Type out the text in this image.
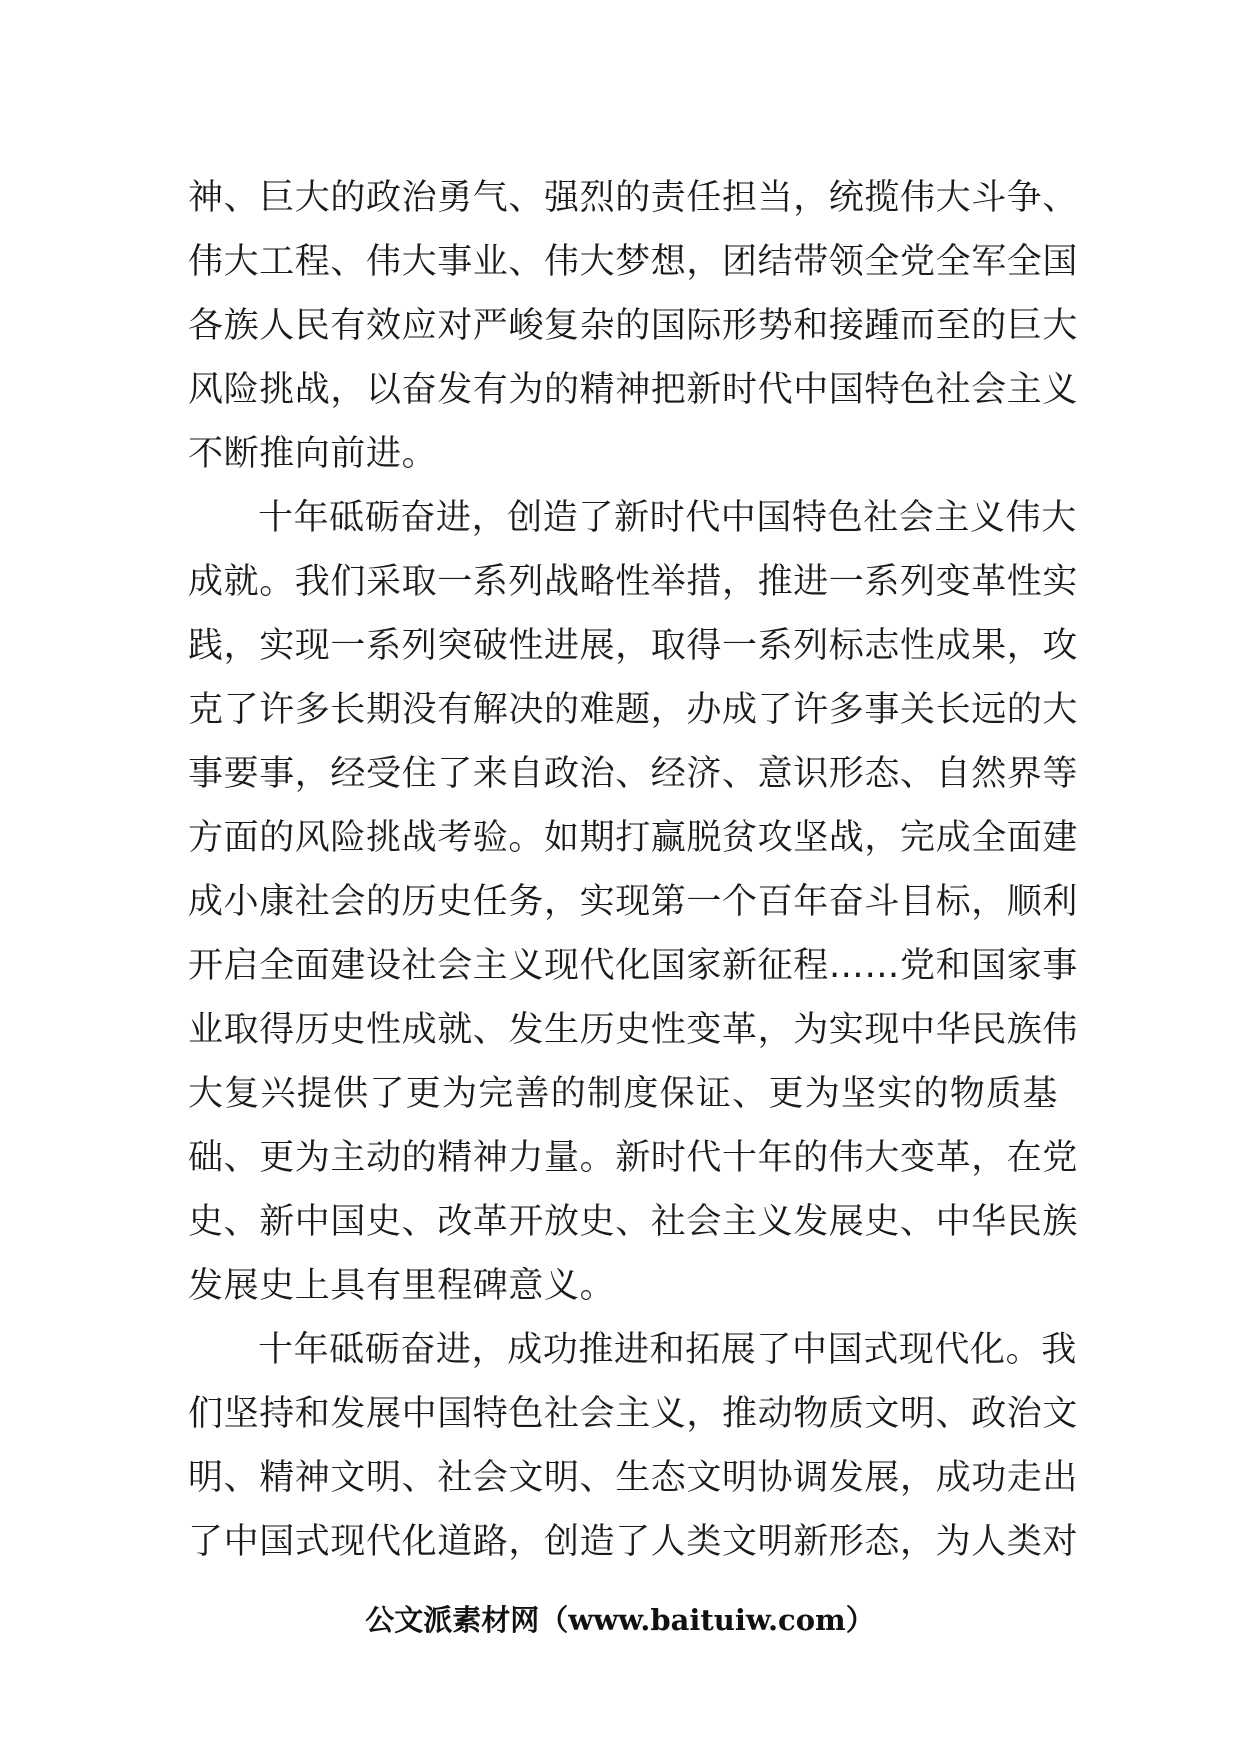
神、巨大的政治勇气、强烈的责任担当，统揽伟大斗争、
伟大工程、伟大事业、伟大梦想，团结带领全党全军全国
各族人民有效应对严峻复杂的国际形势和接踵而至的巨大
风险挑战，以奋发有为的精神把新时代中国特色社会主义
不断推向前进。
十年砥砺奋进，创造了新时代中国特色社会主义伟大
成就。我们采取一系列战略性举措，推进一系列变革性实
践，实现一系列突破性进展，取得一系列标志性成果，攻
克了许多长期没有解决的难题，办成了许多事关长远的大
事要事，经受住了来自政治、经济、意识形态、自然界等
方面的风险挑战考验。如期打赢脱贫攻坚战，完成全面建
成小康社会的历史任务，实现第一个百年奋斗目标，顺利
开启全面建设社会主义现代化国家新征程……党和国家事
业取得历史性成就、发生历史性变革，为实现中华民族伟
大复兴提供了更为完善的制度保证、更为坚实的物质基
础、更为主动的精神力量。新时代十年的伟大变革，在党
史、新中国史、改革开放史、社会主义发展史、中华民族
发展史上具有里程碑意义。
十年砥砺奋进，成功推进和拓展了中国式现代化。我
们坚持和发展中国特色社会主义，推动物质文明、政治文
明、精神文明、社会文明、生态文明协调发展，成功走出
了中国式现代化道路，创造了人类文明新形态，为人类对
公文派素材网（www.baituiw.com）
